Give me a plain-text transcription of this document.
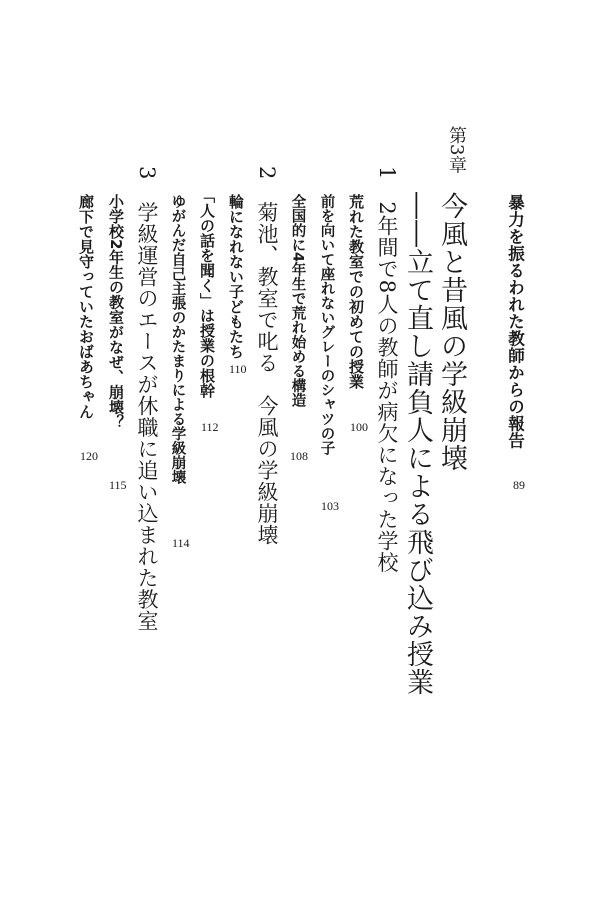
暴力を振るわれた教師からの報告
89
第3章
今風と昔風の学級崩壊
――立て直し請負人による飛び込み授業
1　2年間で8人の教師が病欠になった学校
荒れた教室での初めての授業
100
前を向いて座れないグレーのシャツの子
103
全国的に4年生で荒れ始める構造
108
2　菊池、教室で叱る　今風の学級崩壊
輪になれない子どもたち
110
「人の話を聞く」は授業の根幹
112
ゆがんだ自己主張のかたまりによる学級崩壊
114
3　学級運営のエースが休職に追い込まれた教室
小学校2年生の教室がなぜ、崩壊？
115
廊下で見守っていたおばあちゃん
120
